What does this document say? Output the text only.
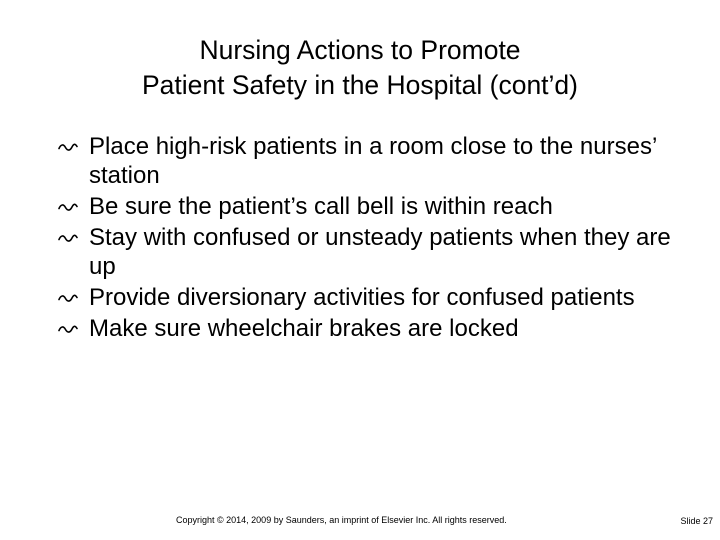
Nursing Actions to Promote
Patient Safety in the Hospital (cont’d)
Place high-risk patients in a room close to the nurses’ station
Be sure the patient’s call bell is within reach
Stay with confused or unsteady patients when they are up
Provide diversionary activities for confused patients
Make sure wheelchair brakes are locked
Copyright © 2014, 2009 by Saunders, an imprint of Elsevier Inc. All rights reserved.	Slide 27
